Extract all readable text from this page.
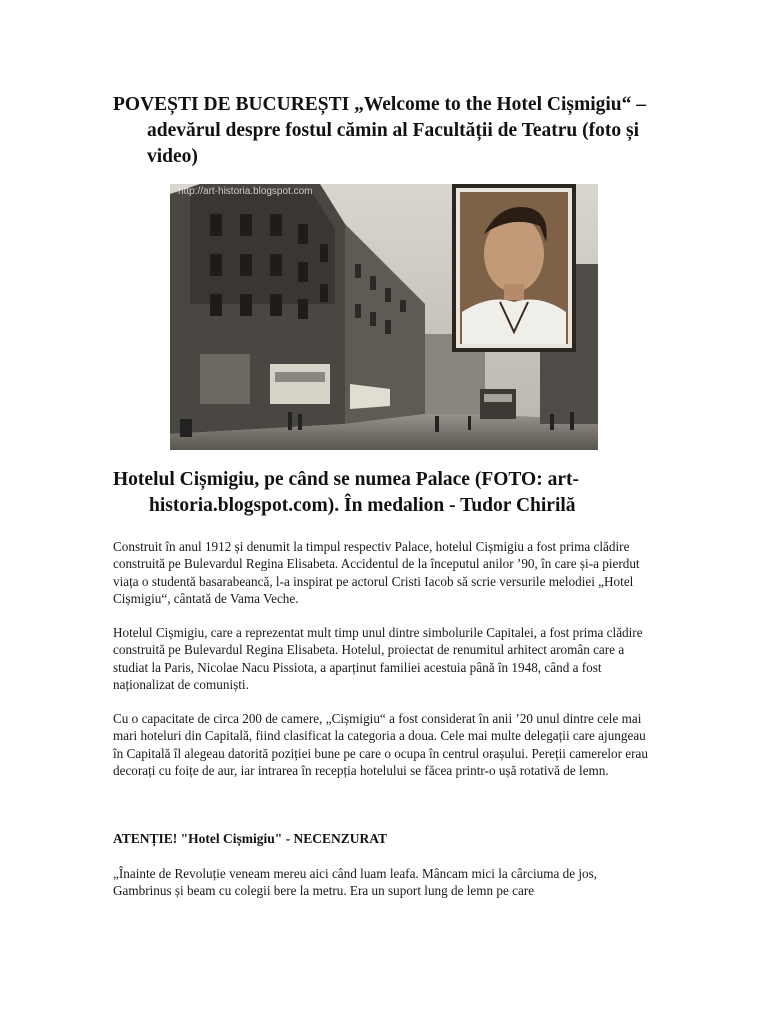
POVEȘTI DE BUCUREȘTI „Welcome to the Hotel Cișmigiu“ – adevărul despre fostul cămin al Facultății de Teatru (foto și video)
http://art-historia.blogspot.com
Hotelul Cișmigiu, pe când se numea Palace (FOTO: art-historia.blogspot.com). În medalion - Tudor Chirilă

Construit în anul 1912 și denumit la timpul respectiv Palace, hotelul Cișmigiu a fost prima clădire construită pe Bulevardul Regina Elisabeta. Accidentul de la începutul anilor ’90, în care și-a pierdut viața o studentă basarabeancă, l-a inspirat pe actorul Cristi Iacob să scrie versurile melodiei „Hotel Cișmigiu“, cântată de Vama Veche.

Hotelul Cișmigiu, care a reprezentat mult timp unul dintre simbolurile Capitalei, a fost prima clădire construită pe Bulevardul Regina Elisabeta. Hotelul, proiectat de renumitul arhitect aromân care a studiat la Paris, Nicolae Nacu Pissiota, a aparținut familiei acestuia până în 1948, când a fost naționalizat de comuniști.

Cu o capacitate de circa 200 de camere, „Cișmigiu“ a fost considerat în anii ’20 unul dintre cele mai mari hoteluri din Capitală, fiind clasificat la categoria a doua. Cele mai multe delegații care ajungeau în Capitală îl alegeau datorită poziției bune pe care o ocupa în centrul orașului. Pereții camerelor erau decorați cu foițe de aur, iar intrarea în recepția hotelului se făcea printr-o ușă rotativă de lemn.

ATENȚIE! "Hotel Cișmigiu" - NECENZURAT

„Înainte de Revoluție veneam mereu aici când luam leafa. Mâncam mici la cârciuma de jos, Gambrinus și beam cu colegii bere la metru. Era un suport lung de lemn pe care
